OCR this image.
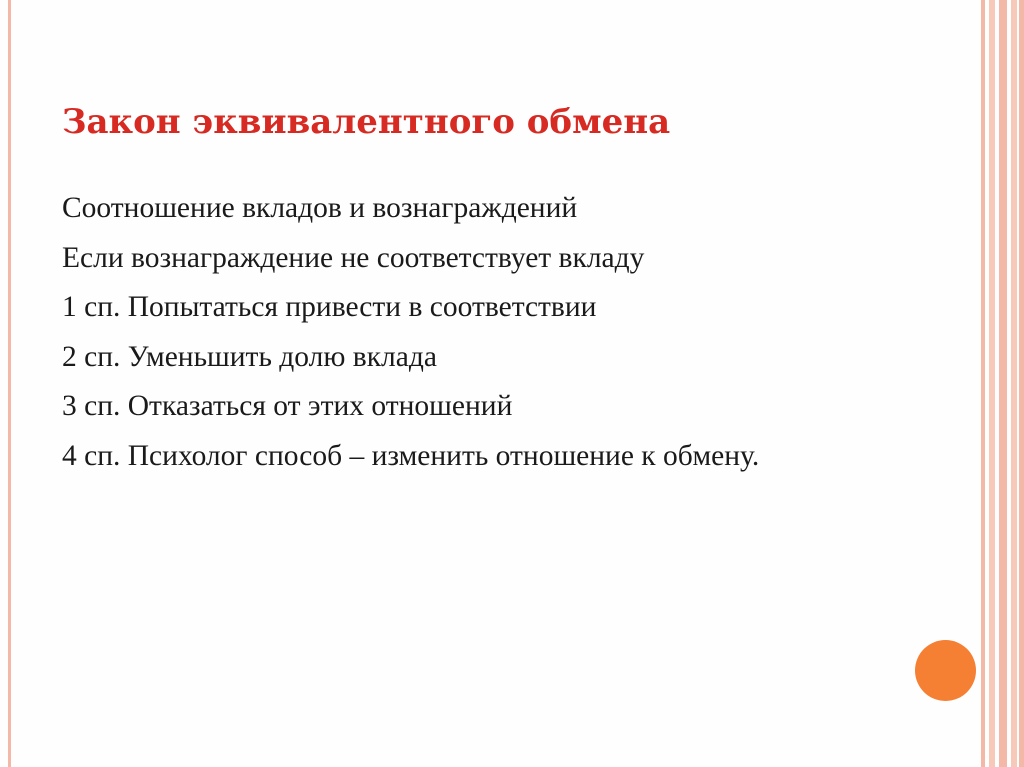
Закон эквивалентного обмена
Соотношение вкладов и вознаграждений
Если вознаграждение не соответствует вкладу
1 сп. Попытаться привести в соответствии
2 сп. Уменьшить долю вклада
3 сп. Отказаться от этих отношений
4 сп. Психолог способ – изменить отношение к обмену.
